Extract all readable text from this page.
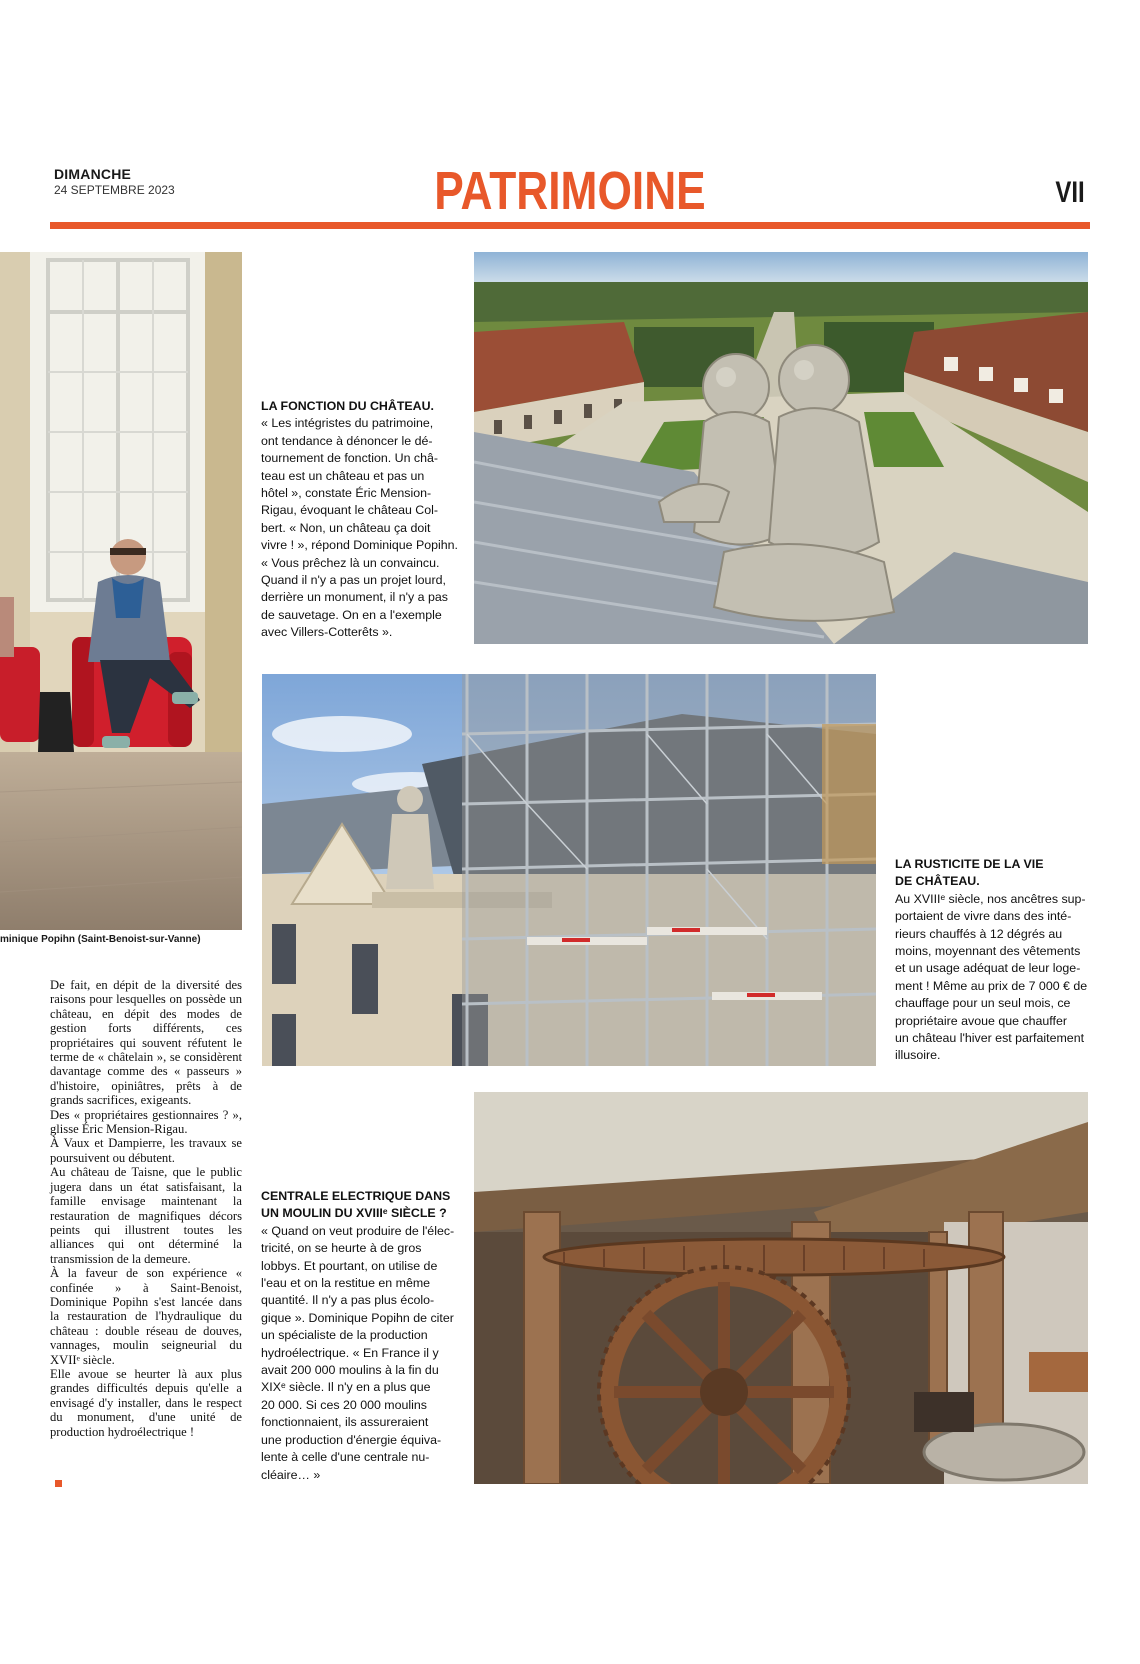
DIMANCHE
24 SEPTEMBRE 2023	PATRIMOINE	VII
minique Popihn (Saint-Benoist-sur-Vanne)

LA FONCTION DU CHÂTEAU.

« Les intégristes du patrimoine,

ont tendance à dénoncer le dé-

tournement de fonction. Un châ-

teau est un château et pas un

hôtel », constate Éric Mension-

Rigau, évoquant le château Col-

bert. « Non, un château ça doit

vivre ! », répond Dominique Popihn.

« Vous prêchez là un convaincu.

Quand il n'y a pas un projet lourd,

derrière un monument, il n'y a pas

de sauvetage. On en a l'exemple

avec Villers-Cotterêts ».

LA RUSTICITE DE LA VIE

DE CHÂTEAU.

Au XVIIIᵉ siècle, nos ancêtres sup-

portaient de vivre dans des inté-

rieurs chauffés à 12 dégrés au

moins, moyennant des vêtements

et un usage adéquat de leur loge-

ment ! Même au prix de 7 000 € de

chauffage pour un seul mois, ce

propriétaire avoue que chauffer

un château l'hiver est parfaitement

illusoire.

De fait, en dépit de la diversité des raisons pour lesquelles on possède un château, en dépit des modes de gestion forts différents, ces propriétaires qui souvent réfutent le terme de « châtelain », se considèrent davantage comme des « passeurs » d'histoire, opiniâtres, prêts à de grands sacrifices, exigeants.

Des « propriétaires gestionnaires ? », glisse Éric Mension-Rigau.

À Vaux et Dampierre, les travaux se poursuivent ou débutent.

Au château de Taisne, que le public jugera dans un état satisfaisant, la famille envisage maintenant la restauration de magnifiques décors peints qui illustrent toutes les alliances qui ont déterminé la transmission de la demeure.

À la faveur de son expérience « confinée » à Saint-Benoist, Dominique Popihn s'est lancée dans la restauration de l'hydraulique du château : double réseau de douves, vannages, moulin seigneurial du XVIIᵉ siècle.

Elle avoue se heurter là aux plus grandes difficultés depuis qu'elle a envisagé d'y installer, dans le respect du monument, d'une unité de production hydroélectrique !

CENTRALE ELECTRIQUE DANS

UN MOULIN DU XVIIIᵉ SIÈCLE ?

« Quand on veut produire de l'élec-

tricité, on se heurte à de gros

lobbys. Et pourtant, on utilise de

l'eau et on la restitue en même

quantité. Il n'y a pas plus écolo-

gique ». Dominique Popihn de citer

un spécialiste de la production

hydroélectrique. « En France il y

avait 200 000 moulins à la fin du

XIXᵉ siècle. Il n'y en a plus que

20 000. Si ces 20 000 moulins

fonctionnaient, ils assureraient

une production d'énergie équiva-

lente à celle d'une centrale nu-

cléaire… »
